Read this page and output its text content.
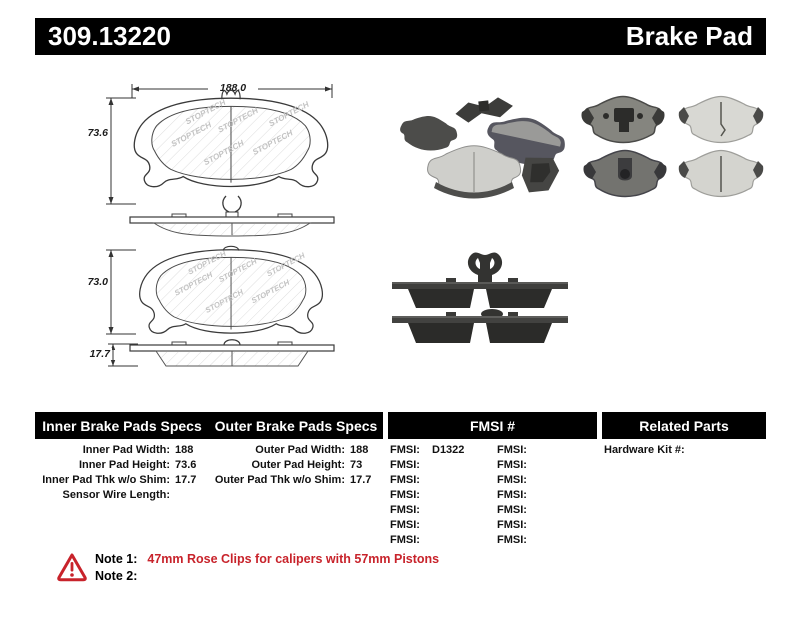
309.13220	Brake Pad
188.0
73.6	STOPTECH
STOPTECH
STOPTECH
STOPTECH
STOPTECH
STOPTECH
73.0	STOPTECH
STOPTECH
STOPTECH
STOPTECH
STOPTECH
STOPTECH
17.7
Inner Brake Pads Specs Outer Brake Pads Specs	FMSI #	Related Parts
Inner Pad Width: 188
Inner Pad Height: 73.6
Inner Pad Thk w/o Shim: 17.7
Sensor Wire Length:
Outer Pad Width: 188
Outer Pad Height: 73
Outer Pad Thk w/o Shim: 17.7
FMSI:	D1322
FMSI:
FMSI:
FMSI:
FMSI:
FMSI:
FMSI:
FMSI:
FMSI:
FMSI:
FMSI:
FMSI:
FMSI:
FMSI:
Hardware Kit #:
Note 1: 47mm Rose Clips for calipers with 57mm Pistons
Note 2:
